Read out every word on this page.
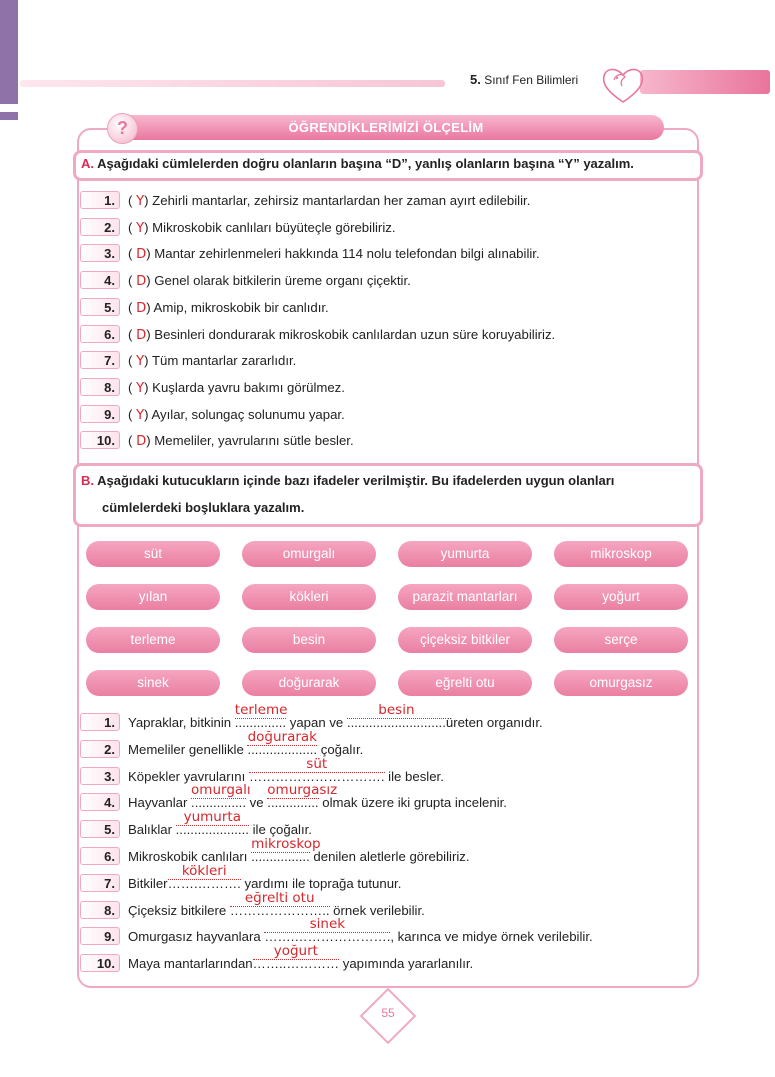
5. Sınıf Fen Bilimleri
ÖĞRENDİKLERİMİZİ ÖLÇELİM
?
A. Aşağıdaki cümlelerden doğru olanların başına “D”, yanlış olanların başına “Y” yazalım.
1. ( Y) Zehirli mantarlar, zehirsiz mantarlardan her zaman ayırt edilebilir.
2. ( Y) Mikroskobik canlıları büyüteçle görebiliriz.
3. ( D) Mantar zehirlenmeleri hakkında 114 nolu telefondan bilgi alınabilir.
4. ( D) Genel olarak bitkilerin üreme organı çiçektir.
5. ( D) Amip, mikroskobik bir canlıdır.
6. ( D) Besinleri dondurarak mikroskobik canlılardan uzun süre koruyabiliriz.
7. ( Y) Tüm mantarlar zararlıdır.
8. ( Y) Kuşlarda yavru bakımı görülmez.
9. ( Y) Ayılar, solungaç solunumu yapar.
10. ( D) Memeliler, yavrularını sütle besler.
B. Aşağıdaki kutucukların içinde bazı ifadeler verilmiştir. Bu ifadelerden uygun olanları
cümlelerdeki boşluklara yazalım.
süt	omurgalı	yumurta	mikroskop
yılan	kökleri	parazit mantarları	yoğurt
terleme	besin	çiçeksiz bitkiler	serçe
sinek	doğurarak	eğrelti otu	omurgasız
1. Yapraklar, bitkinin ..............
terleme
yapan ve ...........................
besin
üreten organıdır.
2. Memeliler genellikle ...................
doğurarak
çoğalır.
3. Köpekler yavrularını ………………………….
süt
ile besler.
4. Hayvanlar ...............
omurgalı
ve ..............
omurgasız
olmak üzere iki grupta incelenir.
5. Balıklar ....................
yumurta
ile çoğalır.
6. Mikroskobik canlıları ................
mikroskop
denilen aletlerle görebiliriz.
7. Bitkiler…….……….
kökleri
yardımı ile toprağa tutunur.
8. Çiçeksiz bitkilere …………………..
eğrelti otu
örnek verilebilir.
9. Omurgasız hayvanlara …….………………….
sinek
, karınca ve midye örnek verilebilir.
10. Maya mantarlarından……..…………
yoğurt
yapımında yararlanılır.
55
